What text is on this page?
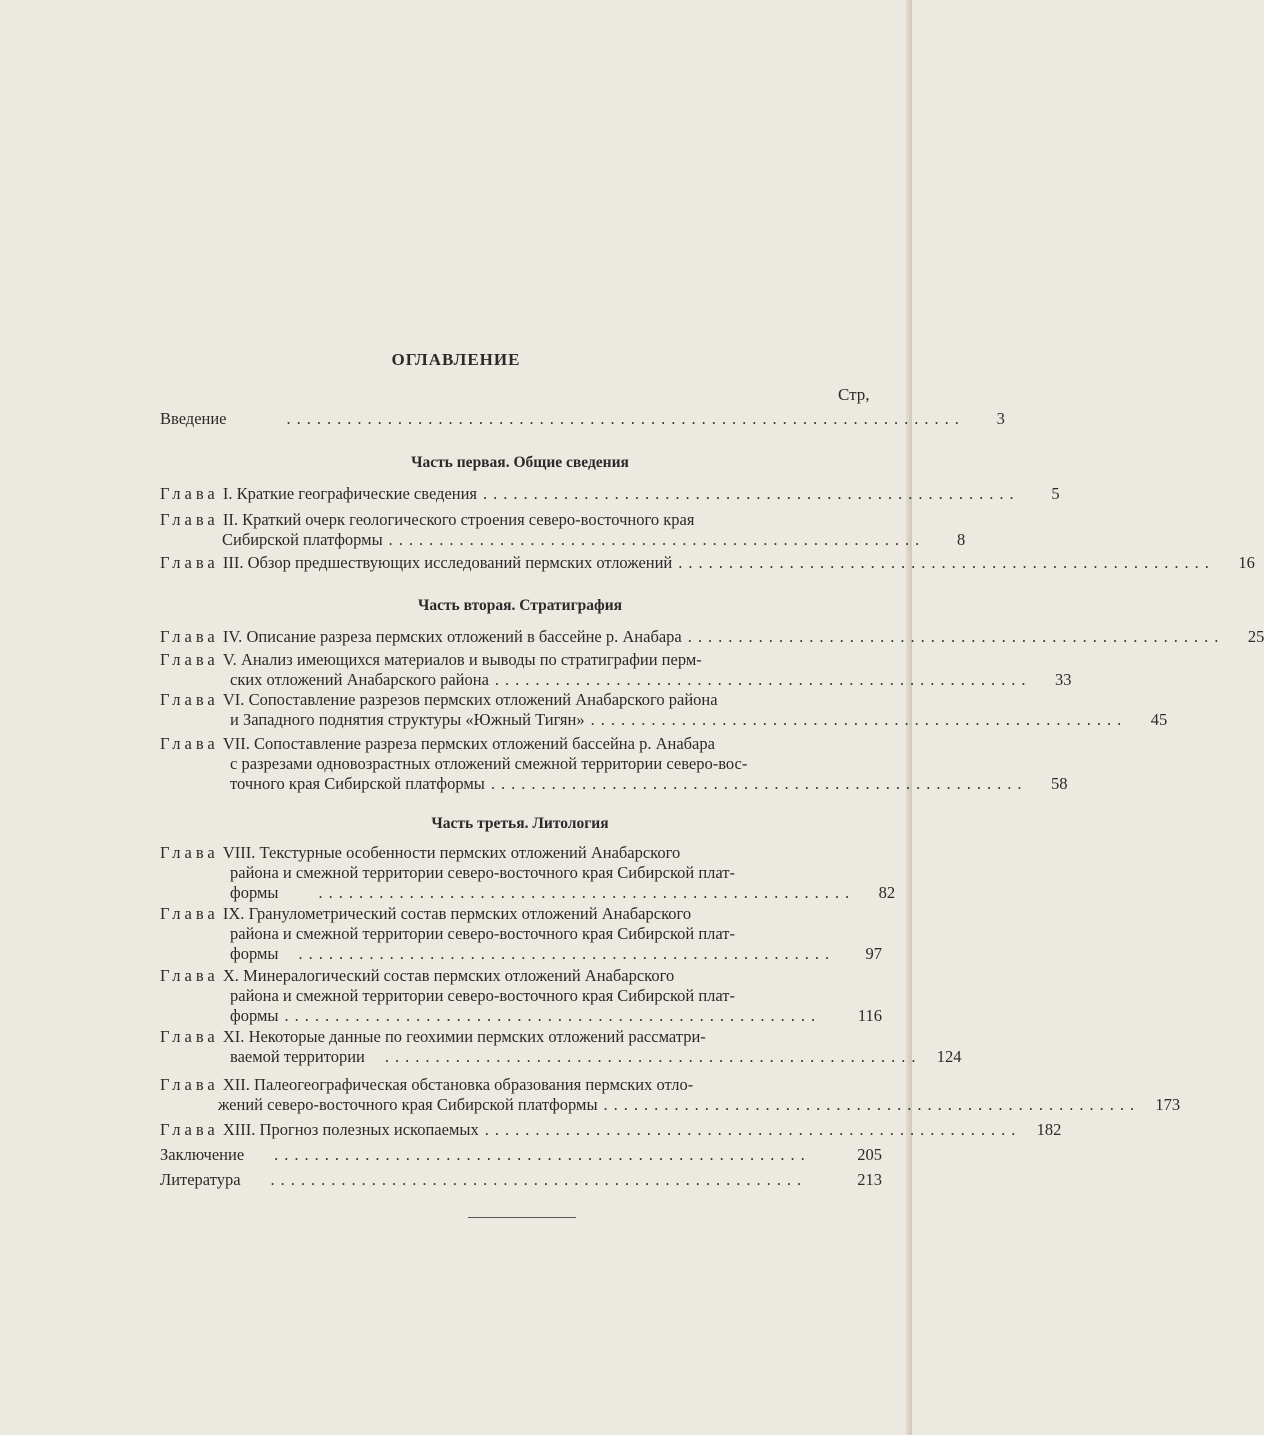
ОГЛАВЛЕНИЕ
Стр,
Введение	...................................................................	3
Часть первая. Общие сведения
Глава I. Краткие географические сведения .....................................................	5
Глава II. Краткий очерк геологического строения северо-восточного края
Сибирской платформы .....................................................	8
Глава III. Обзор предшествующих исследований пермских отложений .....................................................	16
Часть вторая. Стратиграфия
Глава IV. Описание разреза пермских отложений в бассейне р. Анабара .....................................................	25
Глава V. Анализ имеющихся материалов и выводы по стратиграфии перм-
ских отложений Анабарского района .....................................................	33
Глава VI. Сопоставление разрезов пермских отложений Анабарского района
и Западного поднятия структуры «Южный Тигян» .....................................................	45
Глава VII. Сопоставление разреза пермских отложений бассейна р. Анабара
с разрезами одновозрастных отложений смежной территории северо-вос-
точного края Сибирской платформы .....................................................	58
Часть третья. Литология
Глава VIII. Текстурные особенности пермских отложений Анабарского
района и смежной территории северо-восточного края Сибирской плат-
формы .....................................................	82
Глава IX. Гранулометрический состав пермских отложений Анабарского
района и смежной территории северо-восточного края Сибирской плат-
формы .....................................................	97
Глава X. Минералогический состав пермских отложений Анабарского
района и смежной территории северо-восточного края Сибирской плат-
формы .....................................................	116
Глава XI. Некоторые данные по геохимии пермских отложений рассматри-
ваемой территории ..................................................... 124
Глава XII. Палеогеографическая обстановка образования пермских отло-
жений северо-восточного края Сибирской платформы ..................................................... 173
Глава XIII. Прогноз полезных ископаемых ..................................................... 182
Заключение .....................................................	205
Литература .....................................................	213
